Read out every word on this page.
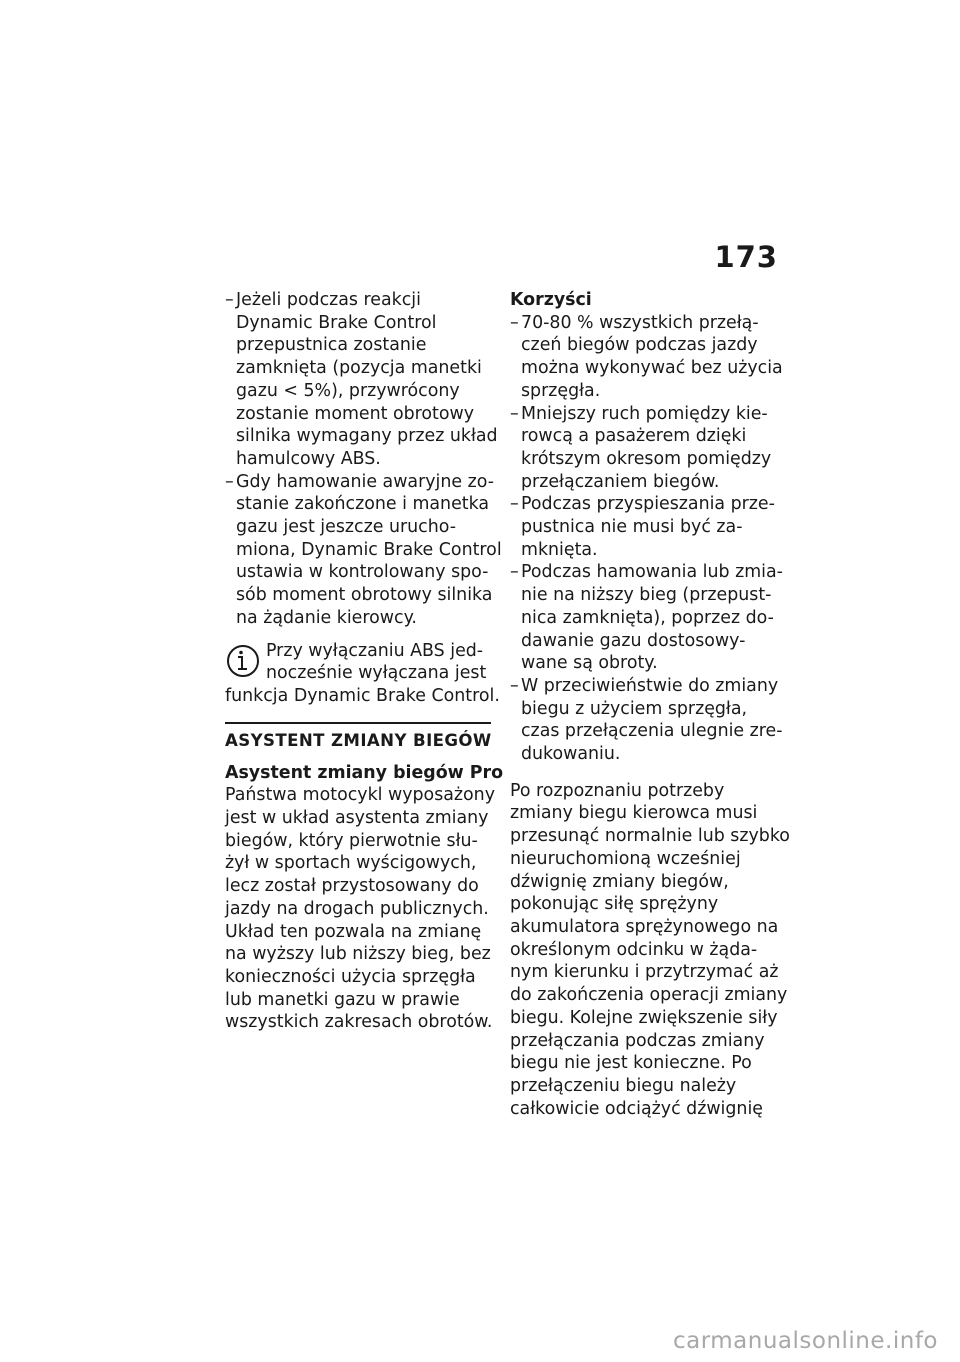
173
– Jeżeli podczas reakcji
Dynamic Brake Control
przepustnica zostanie
zamknięta (pozycja manetki
gazu < 5%), przywrócony
zostanie moment obrotowy
silnika wymagany przez układ
hamulcowy ABS.
– Gdy hamowanie awaryjne zo-
stanie zakończone i manetka
gazu jest jeszcze urucho-
miona, Dynamic Brake Control
ustawia w kontrolowany spo-
sób moment obrotowy silnika
na żądanie kierowcy.
Przy wyłączaniu ABS jed-
nocześnie wyłączana jest
funkcja Dynamic Brake Control.
ASYSTENT ZMIANY BIEGÓW
Asystent zmiany biegów Pro
Państwa motocykl wyposażony
jest w układ asystenta zmiany
biegów, który pierwotnie słu-
żył w sportach wyścigowych,
lecz został przystosowany do
jazdy na drogach publicznych.
Układ ten pozwala na zmianę
na wyższy lub niższy bieg, bez
konieczności użycia sprzęgła
lub manetki gazu w prawie
wszystkich zakresach obrotów.
Korzyści
– 70-80 % wszystkich przełą-
czeń biegów podczas jazdy
można wykonywać bez użycia
sprzęgła.
– Mniejszy ruch pomiędzy kie-
rowcą a pasażerem dzięki
krótszym okresom pomiędzy
przełączaniem biegów.
– Podczas przyspieszania prze-
pustnica nie musi być za-
mknięta.
– Podczas hamowania lub zmia-
nie na niższy bieg (przepust-
nica zamknięta), poprzez do-
dawanie gazu dostosowy-
wane są obroty.
– W przeciwieństwie do zmiany
biegu z użyciem sprzęgła,
czas przełączenia ulegnie zre-
dukowaniu.
Po rozpoznaniu potrzeby
zmiany biegu kierowca musi
przesunąć normalnie lub szybko
nieuruchomioną wcześniej
dźwignię zmiany biegów,
pokonując siłę sprężyny
akumulatora sprężynowego na
określonym odcinku w żąda-
nym kierunku i przytrzymać aż
do zakończenia operacji zmiany
biegu. Kolejne zwiększenie siły
przełączania podczas zmiany
biegu nie jest konieczne. Po
przełączeniu biegu należy
całkowicie odciążyć dźwignię
carmanualsonline.info
